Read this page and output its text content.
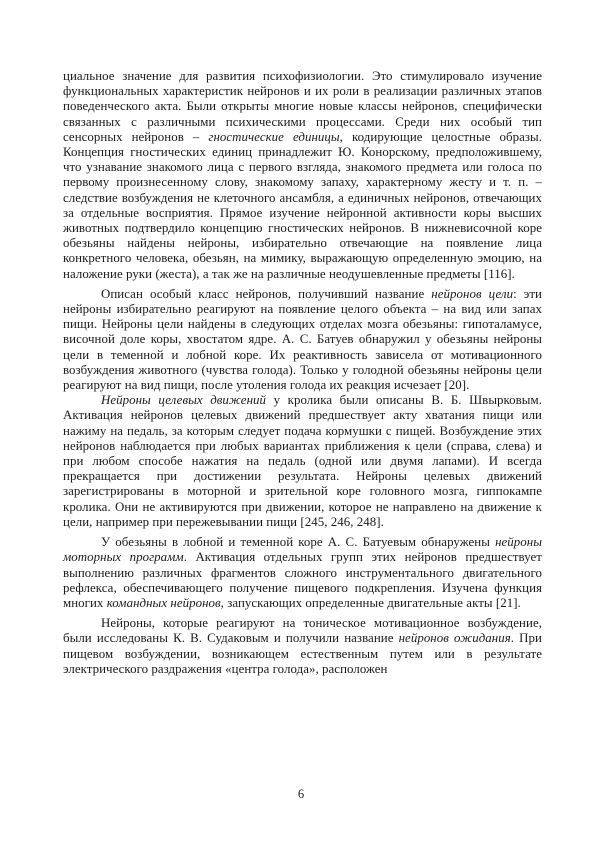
циальное значение для развития психофизиологии. Это стимулировало изучение функциональных характеристик нейронов и их роли в реализации различных этапов поведенческого акта. Были открыты многие новые классы нейронов, специфически связанных с различными психическими процессами. Среди них особый тип сенсорных нейронов – гностические единицы, кодирующие целостные образы. Концепция гностических единиц принадлежит Ю. Конорскому, предположившему, что узнавание знакомого лица с первого взгляда, знакомого предмета или голоса по первому произнесенному слову, знакомому запаху, характерному жесту и т. п. – следствие возбуждения не клеточного ансамбля, а единичных нейронов, отвечающих за отдельные восприятия. Прямое изучение нейронной активности коры высших животных подтвердило концепцию гностических нейронов. В нижневисочной коре обезьяны найдены нейроны, избирательно отвечающие на появление лица конкретного человека, обезьян, на мимику, выражающую определенную эмоцию, на наложение руки (жеста), а так же на различные неодушевленные предметы [116].

Описан особый класс нейронов, получивший название нейронов цели: эти нейроны избирательно реагируют на появление целого объекта – на вид или запах пищи. Нейроны цели найдены в следующих отделах мозга обезьяны: гипоталамусе, височной доле коры, хвостатом ядре. А. С. Батуев обнаружил у обезьяны нейроны цели в теменной и лобной коре. Их реактивность зависела от мотивационного возбуждения животного (чувства голода). Только у голодной обезьяны нейроны цели реагируют на вид пищи, после утоления голода их реакция исчезает [20].

Нейроны целевых движений у кролика были описаны В. Б. Швырковым. Активация нейронов целевых движений предшествует акту хватания пищи или нажиму на педаль, за которым следует подача кормушки с пищей. Возбуждение этих нейронов наблюдается при любых вариантах приближения к цели (справа, слева) и при любом способе нажатия на педаль (одной или двумя лапами). И всегда прекращается при достижении результата. Нейроны целевых движений зарегистрированы в моторной и зрительной коре головного мозга, гиппокампе кролика. Они не активируются при движении, которое не направлено на движение к цели, например при пережевывании пищи [245, 246, 248].

У обезьяны в лобной и теменной коре А. С. Батуевым обнаружены нейроны моторных программ. Активация отдельных групп этих нейронов предшествует выполнению различных фрагментов сложного инструментального двигательного рефлекса, обеспечивающего получение пищевого подкрепления. Изучена функция многих командных нейронов, запускающих определенные двигательные акты [21].

Нейроны, которые реагируют на тоническое мотивационное возбуждение, были исследованы К. В. Судаковым и получили название нейронов ожидания. При пищевом возбуждении, возникающем естественным путем или в результате электрического раздражения «центра голода», расположен

6
